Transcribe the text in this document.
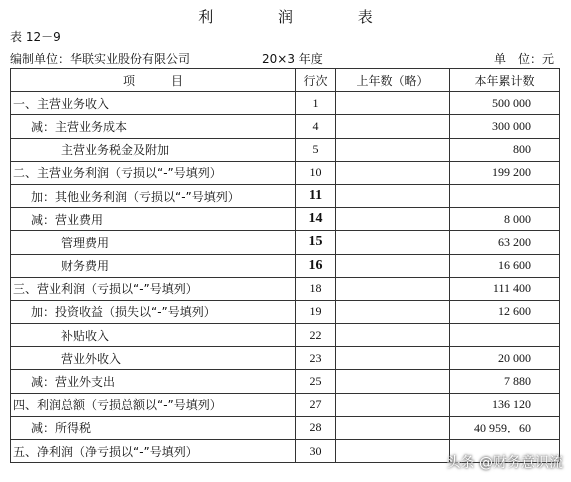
利 润 表
表 12－9
编制单位：华联实业股份有限公司	20×3 年度	单　位：元
项　　　目	行次	上年数（略）	本年累计数
一、主营业务收入	1		500 000
减：主营业务成本	4		300 000
主营业务税金及附加	5		800
二、主营业务利润（亏损以“-”号填列）	10		199 200
加：其他业务利润（亏损以“-”号填列）	11		
减：营业费用	14		8 000
管理费用	15		63 200
财务费用	16		16 600
三、营业利润（亏损以“-”号填列）	18		111 400
加：投资收益（损失以“-”号填列）	19		12 600
补贴收入	22		
营业外收入	23		20 000
减：营业外支出	25		7 880
四、利润总额（亏损总额以“-”号填列）	27		136 120
减：所得税	28		40 959．60
五、净利润（净亏损以“-”号填列）	30		
头条 @财务意识流
